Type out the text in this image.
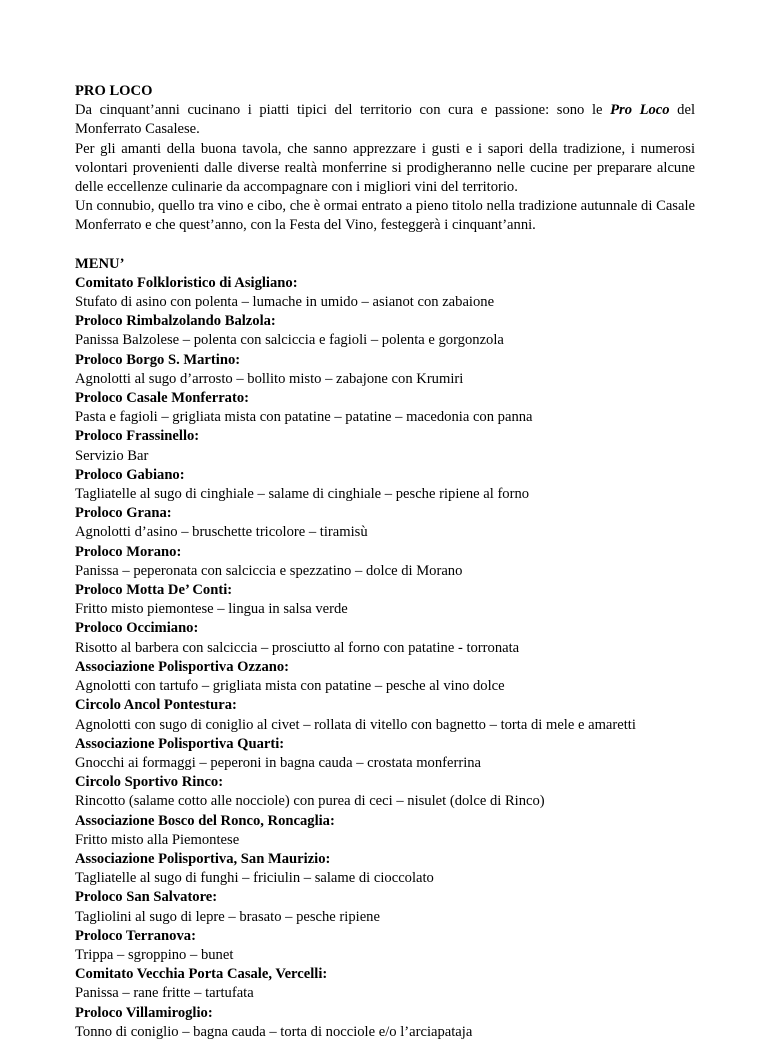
PRO LOCO

Da cinquant’anni cucinano i piatti tipici del territorio con cura e passione: sono le Pro Loco del Monferrato Casalese.

Per gli amanti della buona tavola, che sanno apprezzare i gusti e i sapori della tradizione, i numerosi volontari provenienti dalle diverse realtà monferrine si prodigheranno nelle cucine per preparare alcune delle eccellenze culinarie da accompagnare con i migliori vini del territorio.

Un connubio, quello tra vino e cibo, che è ormai entrato a pieno titolo nella tradizione autunnale di Casale Monferrato e che quest’anno, con la Festa del Vino, festeggerà i cinquant’anni.

MENU’

Comitato Folkloristico di Asigliano:
Stufato di asino con polenta – lumache in umido – asianot con zabaione
Proloco Rimbalzolando Balzola:
Panissa Balzolese – polenta con salciccia e fagioli – polenta e gorgonzola
Proloco Borgo S. Martino:
Agnolotti al sugo d’arrosto – bollito misto – zabajone con Krumiri
Proloco Casale Monferrato:
Pasta e fagioli – grigliata mista con patatine – patatine – macedonia con panna
Proloco Frassinello:
Servizio Bar
Proloco Gabiano:
Tagliatelle al sugo di cinghiale – salame di cinghiale – pesche ripiene al forno
Proloco Grana:
Agnolotti d’asino – bruschette tricolore – tiramisù
Proloco Morano:
Panissa – peperonata con salciccia e spezzatino – dolce di Morano
Proloco Motta De’ Conti:
Fritto misto piemontese – lingua in salsa verde
Proloco Occimiano:
Risotto al barbera con salciccia – prosciutto al forno con patatine - torronata
Associazione Polisportiva Ozzano:
Agnolotti con tartufo – grigliata mista con patatine – pesche al vino dolce
Circolo Ancol Pontestura:
Agnolotti con sugo di coniglio al civet – rollata di vitello con bagnetto – torta di mele e amaretti
Associazione Polisportiva Quarti:
Gnocchi ai formaggi – peperoni in bagna cauda – crostata monferrina
Circolo Sportivo Rinco:
Rincotto (salame cotto alle nocciole) con purea di ceci – nisulet (dolce di Rinco)
Associazione Bosco del Ronco, Roncaglia:
Fritto misto alla Piemontese
Associazione Polisportiva, San Maurizio:
Tagliatelle al sugo di funghi – friciulin – salame di cioccolato
Proloco San Salvatore:
Tagliolini al sugo di lepre – brasato – pesche ripiene
Proloco Terranova:
Trippa – sgroppino – bunet
Comitato Vecchia Porta Casale, Vercelli:
Panissa – rane fritte – tartufata
Proloco Villamiroglio:
Tonno di coniglio – bagna cauda – torta di nocciole e/o l’arciapataja
